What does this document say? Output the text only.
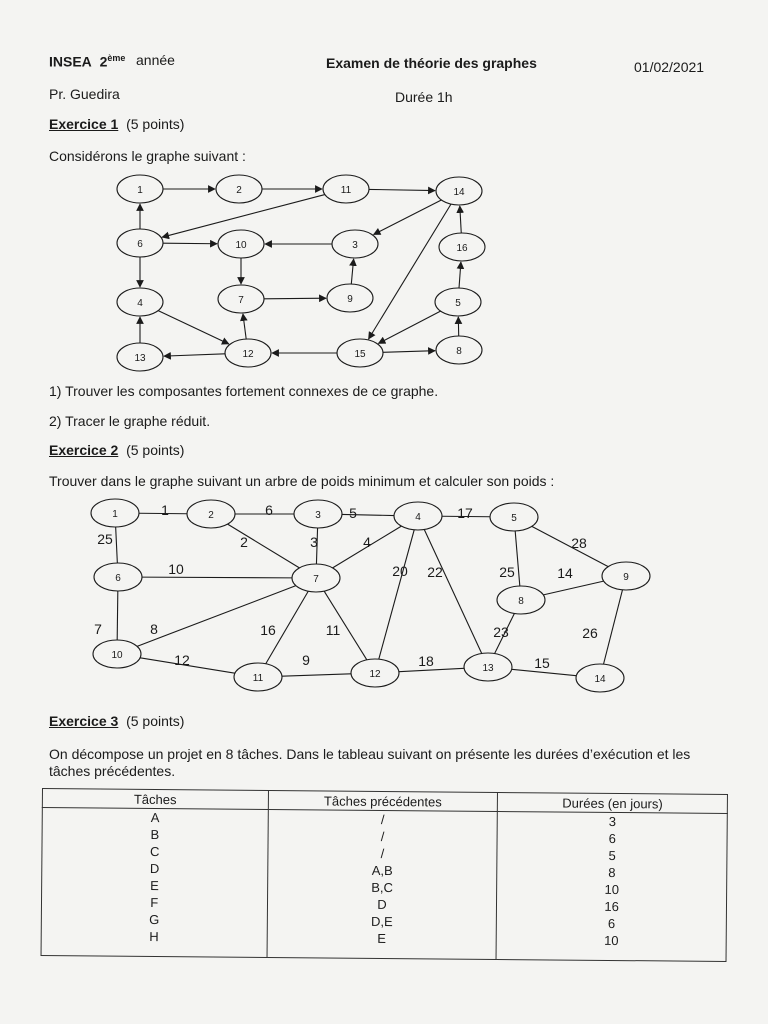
INSEA 2ème année	Examen de théorie des graphes	01/02/2021
Pr. Guedira	Durée 1h
Exercice 1 (5 points)
Considérons le graphe suivant :
1	2	11	14
6	10	3	16
4	7	9	5
13	12	15	8
1) Trouver les composantes fortement connexes de ce graphe.
2) Tracer le graphe réduit.
Exercice 2 (5 points)
Trouver dans le graphe suivant un arbre de poids minimum et calculer son poids :
1	6	5	17
25	2	3	4	28
10	20 22	25	14
7	8	16	11	23	26
12	9	18	15
1	2	3	4	5
6	7
8
9
10
11	12
13
14
Exercice 3 (5 points)
On décompose un projet en 8 tâches. Dans le tableau suivant on présente les durées d’exécution et les
tâches précédentes.
Tâches	Tâches précédentes	Durées (en jours)
A	/	3
B	/	6
C	/	5
D	A,B	8
E	B,C	10
F	D	16
G	D,E	6
H	E	10
